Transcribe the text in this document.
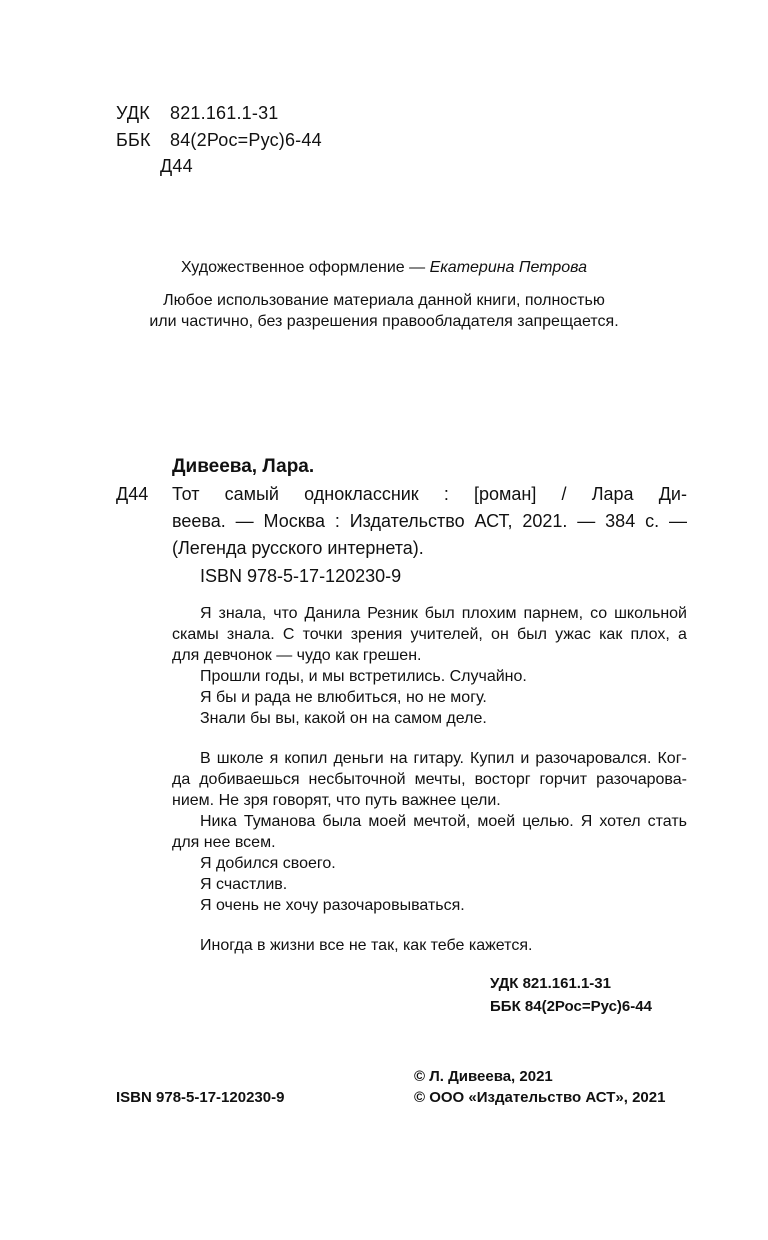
УДК 821.161.1-31
ББК 84(2Рос=Рус)6-44
Д44
Художественное оформление — Екатерина Петрова
Любое использование материала данной книги, полностью
или частично, без разрешения правообладателя запрещается.
Дивеева, Лара.
Д44 Тот самый одноклассник : [роман] / Лара Ди-
веева. — Москва : Издательство АСТ, 2021. — 384 с. —
(Легенда русского интернета).
ISBN 978-5-17-120230-9
Я знала, что Данила Резник был плохим парнем, со школьной
скамы знала. С точки зрения учителей, он был ужас как плох, а
для девчонок — чудо как грешен.
Прошли годы, и мы встретились. Случайно.
Я бы и рада не влюбиться, но не могу.
Знали бы вы, какой он на самом деле.
В школе я копил деньги на гитару. Купил и разочаровался. Ког-
да добиваешься несбыточной мечты, восторг горчит разочарова-
нием. Не зря говорят, что путь важнее цели.
Ника Туманова была моей мечтой, моей целью. Я хотел стать
для нее всем.
Я добился своего.
Я счастлив.
Я очень не хочу разочаровываться.
Иногда в жизни все не так, как тебе кажется.
УДК 821.161.1-31
ББК 84(2Рос=Рус)6-44
© Л. Дивеева, 2021
© ООО «Издательство АСТ», 2021
ISBN 978-5-17-120230-9
